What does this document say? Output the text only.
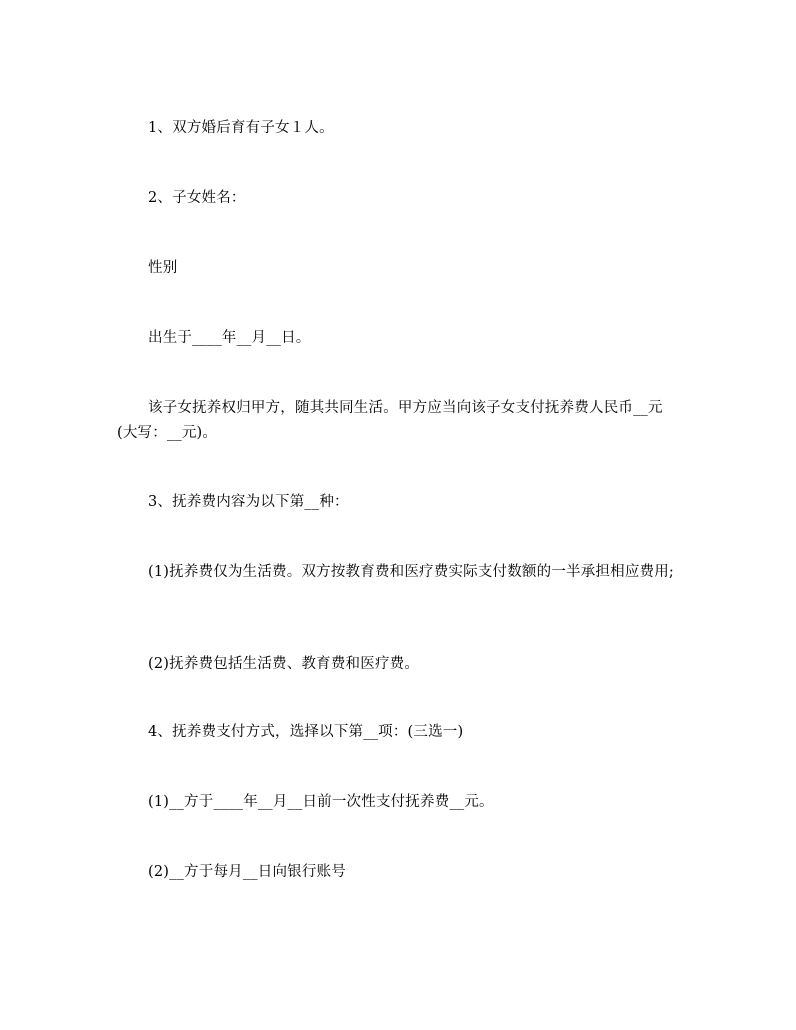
1、双方婚后育有子女１人。

2、子女姓名：

性别

出生于____年__月__日。

该子女抚养权归甲方，随其共同生活。甲方应当向该子女支付抚养费人民币__元(大写：__元)。

3、抚养费内容为以下第__种：

(1)抚养费仅为生活费。双方按教育费和医疗费实际支付数额的一半承担相应费用;

(2)抚养费包括生活费、教育费和医疗费。

4、抚养费支付方式，选择以下第__项：(三选一)

(1)__方于____年__月__日前一次性支付抚养费__元。

(2)__方于每月__日向银行账号
